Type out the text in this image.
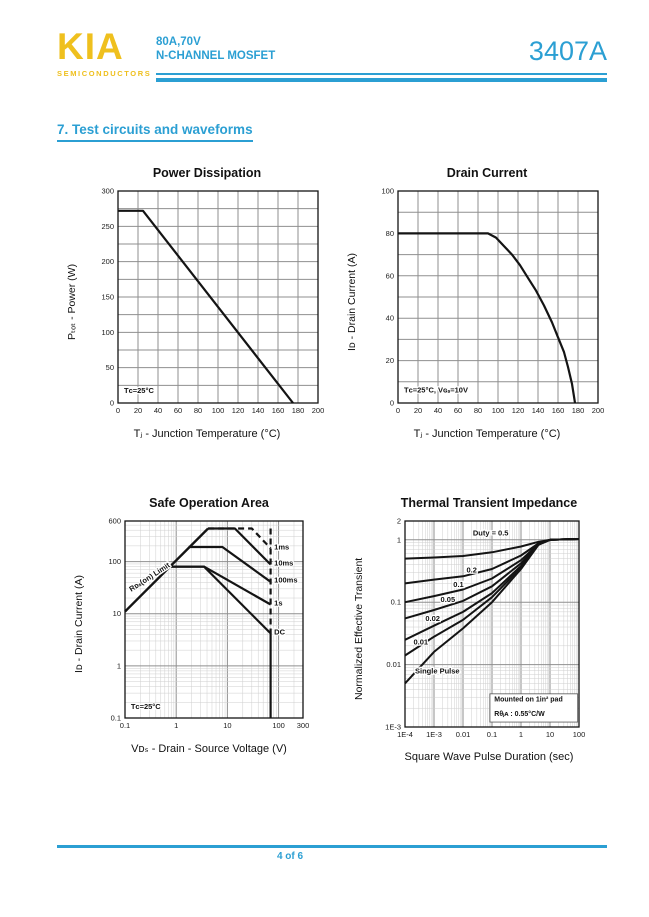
KIA
SEMICONDUCTORS
80A,70V
N-CHANNEL MOSFET	3407A
7. Test circuits and waveforms
Power Dissipation
Pₜₒₜ - Power (W)
0 20 40 60 80 100 120 140 160 180 200
0
50
100
150
200
250
300
Tᴄ=25°C
Tⱼ - Junction Temperature (°C)
Drain Current
Iᴅ - Drain Current (A)
0 20 40 60 80 100 120 140 160 180 200
0
20
40
60
80
100
Tᴄ=25°C, Vɢₛ=10V
Tⱼ - Junction Temperature (°C)
Safe Operation Area
Iᴅ - Drain Current (A)
0.1	1	10	100 300
600
100
10
1
0.1
1ms
10ms
100ms
1s
DC
Rᴅₛ(on) Limit
Tᴄ=25°C
Vᴅₛ - Drain - Source Voltage (V)
Thermal Transient Impedance
Normalized Effective Transient
1E-4 1E-3 0.01 0.1	1	10 100
2
1
0.1
0.01
1E-3
Duty = 0.5
0.2
0.1
0.05
0.02
0.01
Single Pulse
Mounted on 1in² pad
Rθⱼᴀ : 0.55°C/W
Square Wave Pulse Duration (sec)
4 of 6
